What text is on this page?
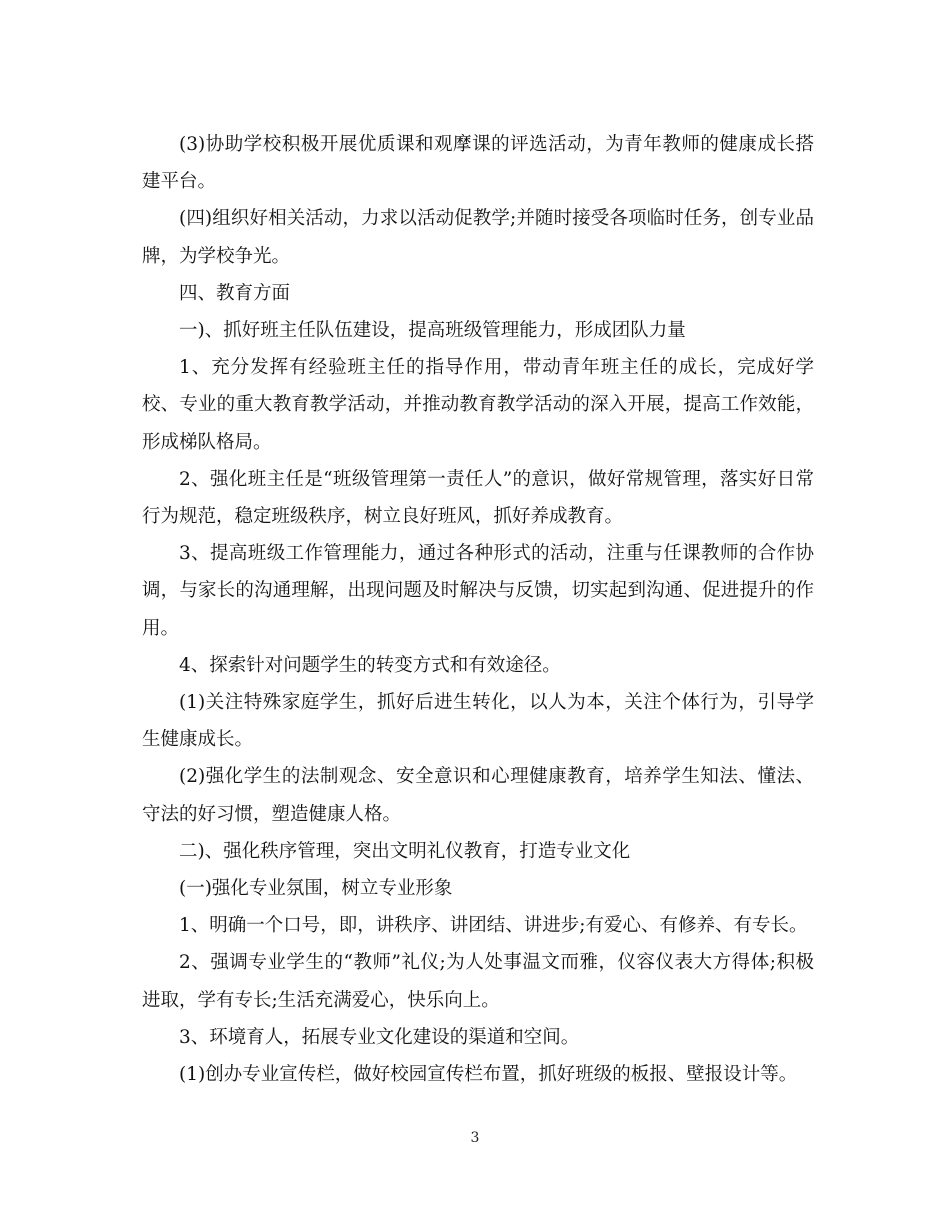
(3)协助学校积极开展优质课和观摩课的评选活动，为青年教师的健康成长搭建平台。

(四)组织好相关活动，力求以活动促教学;并随时接受各项临时任务，创专业品牌，为学校争光。

四、教育方面

一)、抓好班主任队伍建设，提高班级管理能力，形成团队力量

1、充分发挥有经验班主任的指导作用，带动青年班主任的成长，完成好学校、专业的重大教育教学活动，并推动教育教学活动的深入开展，提高工作效能，形成梯队格局。

2、强化班主任是“班级管理第一责任人”的意识，做好常规管理，落实好日常行为规范，稳定班级秩序，树立良好班风，抓好养成教育。

3、提高班级工作管理能力，通过各种形式的活动，注重与任课教师的合作协调，与家长的沟通理解，出现问题及时解决与反馈，切实起到沟通、促进提升的作用。

4、探索针对问题学生的转变方式和有效途径。

(1)关注特殊家庭学生，抓好后进生转化，以人为本，关注个体行为，引导学生健康成长。

(2)强化学生的法制观念、安全意识和心理健康教育，培养学生知法、懂法、守法的好习惯，塑造健康人格。

二)、强化秩序管理，突出文明礼仪教育，打造专业文化

(一)强化专业氛围，树立专业形象

1、明确一个口号，即，讲秩序、讲团结、讲进步;有爱心、有修养、有专长。

2、强调专业学生的“教师”礼仪;为人处事温文而雅，仪容仪表大方得体;积极进取，学有专长;生活充满爱心，快乐向上。

3、环境育人，拓展专业文化建设的渠道和空间。

(1)创办专业宣传栏，做好校园宣传栏布置，抓好班级的板报、壁报设计等。

3
